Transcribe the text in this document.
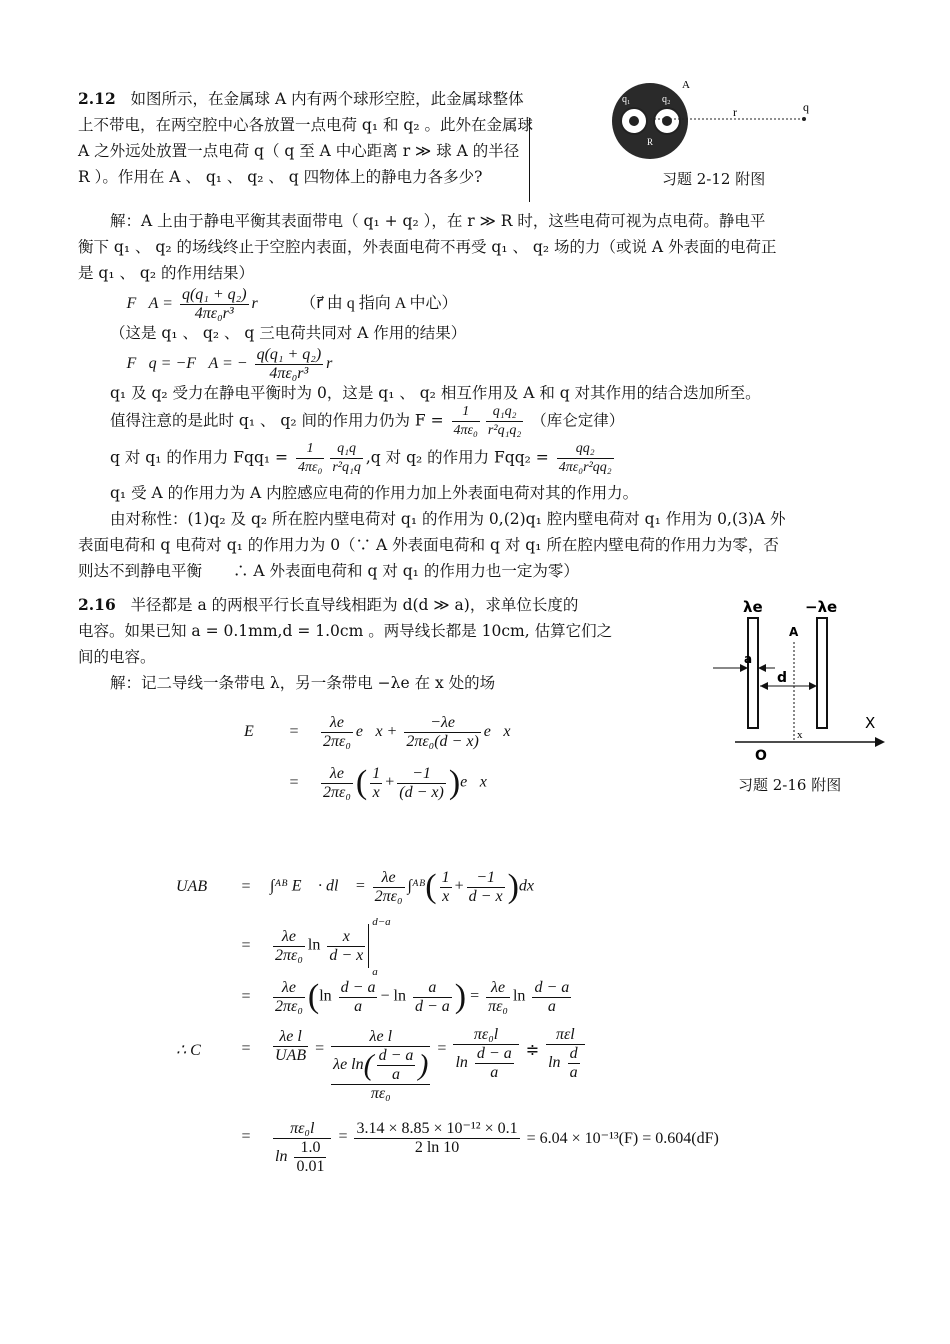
2.12 如图所示，在金属球 A 内有两个球形空腔，此金属球整体
上不带电，在两空腔中心各放置一点电荷 q₁ 和 q₂ 。此外在金属球
A 之外远处放置一点电荷 q（ q 至 A 中心距离 r ≫ 球 A 的半径
R ）。作用在 A 、 q₁ 、 q₂ 、 q 四物体上的静电力各多少?
A
q₁	q₂
R
r	q
习题 2-12 附图
解：A 上由于静电平衡其表面带电（ q₁ + q₂ ），在 r ≫ R 时，这些电荷可视为点电荷。静电平
衡下 q₁ 、 q₂ 的场线终止于空腔内表面，外表面电荷不再受 q₁ 、 q₂ 场的力（或说 A 外表面的电荷正
是 q₁ 、 q₂ 的作用结果）
∴ F⃗A = $\frac{\text{q(q₁ + q₂)}}{\text{4πε₀r³}}$ r⃗ （r⃗ 由 q 指向 A 中心）
（这是 q₁ 、 q₂ 、 q 三电荷共同对 A 作用的结果）
∴ F⃗q = −F⃗A = − $\frac{\text{q(q₁ + q₂)}}{\text{4πε₀r³}}$ r⃗
q₁ 及 q₂ 受力在静电平衡时为 0，这是 q₁ 、 q₂ 相互作用及 A 和 q 对其作用的结合迭加所至。
值得注意的是此时 q₁ 、 q₂ 间的作用力仍为 $F = \frac{1}{\text{4πε₀}} \frac{\text{q₁q₂}}{\text{r²q₁q₂}}$ （库仑定律）
q 对 q₁ 的作用力 $Fqq_1 = \frac{1}{\text{4πε₀}} \frac{\text{q₁q}}{\text{r²q₁q}} ,q$ 对 q₂ 的作用力 $Fqq_2 = \frac{\text{qq₂}}{\text{4πε₀r²qq₂}}$
q₁ 受 A 的作用力为 A 内腔感应电荷的作用力加上外表面电荷对其的作用力。
由对称性：(1)q₂ 及 q₂ 所在腔内壁电荷对 q₁ 的作用为 0,(2)q₁ 腔内壁电荷对 q₁ 作用为 0,(3)A 外
表面电荷和 q 电荷对 q₁ 的作用力为 0（∵ A 外表面电荷和 q 对 q₁ 所在腔内壁电荷的作用力为零，否
则达不到静电平衡　　∴ A 外表面电荷和 q 对 q₁ 的作用力也一定为零）
2.16 半径都是 a 的两根平行长直导线相距为 d(d ≫ a)，求单位长度的
电容。如果已知 a = 0.1mm,d = 1.0cm 。两导线长都是 10cm, 估算它们之
间的电容。
解：记二导线一条带电 λ，另一条带电 −λe 在 x 处的场
λe	−λe
A
a
d
x
X
O
习题 2-16 附图
E⃗ = $\frac{\lambda e}{\text{2πε₀}}$ e⃗x + $\frac{-\lambda e}{\text{2πε₀(d − x)}}$ e⃗x
= $\frac{\lambda e}{\text{2πε₀}}$ ( $\frac{1}{x} + \frac{-1}{(d - x)}$ )e⃗x
UAB = ∫ᴬᴮ E⃗ · dl⃗ = $\frac{\lambda e}{\text{2πε₀}}$ ∫ᴬᴮ( $\frac{1}{x} + \frac{-1}{d - x} )dx$
= $\frac{\lambda e}{\text{2πε₀}}$ $\ln \frac{x}{d - x}$
d−a
a
= $\frac{\lambda e}{\text{2πε₀}} (\ln \frac{d - a}{a} - \ln \frac{a}{d - a}$ ) = $\frac{\lambda e}{\text{πε₀}}$ $\ln \frac{d - a}{a}$
∴ C	= $\frac{\text{λe l}}{\text{UAB}}$ =
λe l
λe $\ln( \frac{d - a}{a}$ )
πε₀
= $\frac{\text{πε₀l}}{\ln \frac{d - a}{a}}$ ≑ $\frac{\text{πεl}}{\ln \frac{d}{a}}$
= $\frac{\text{πε₀l}}{\ln \frac{1.0}{0.01}} = \frac{\text{3.14 × 8.85 × 10⁻¹² × 0.1}}{2 \ln 10} = 6.04 \times 10^{-13}(F) = 0.604(dF)$
